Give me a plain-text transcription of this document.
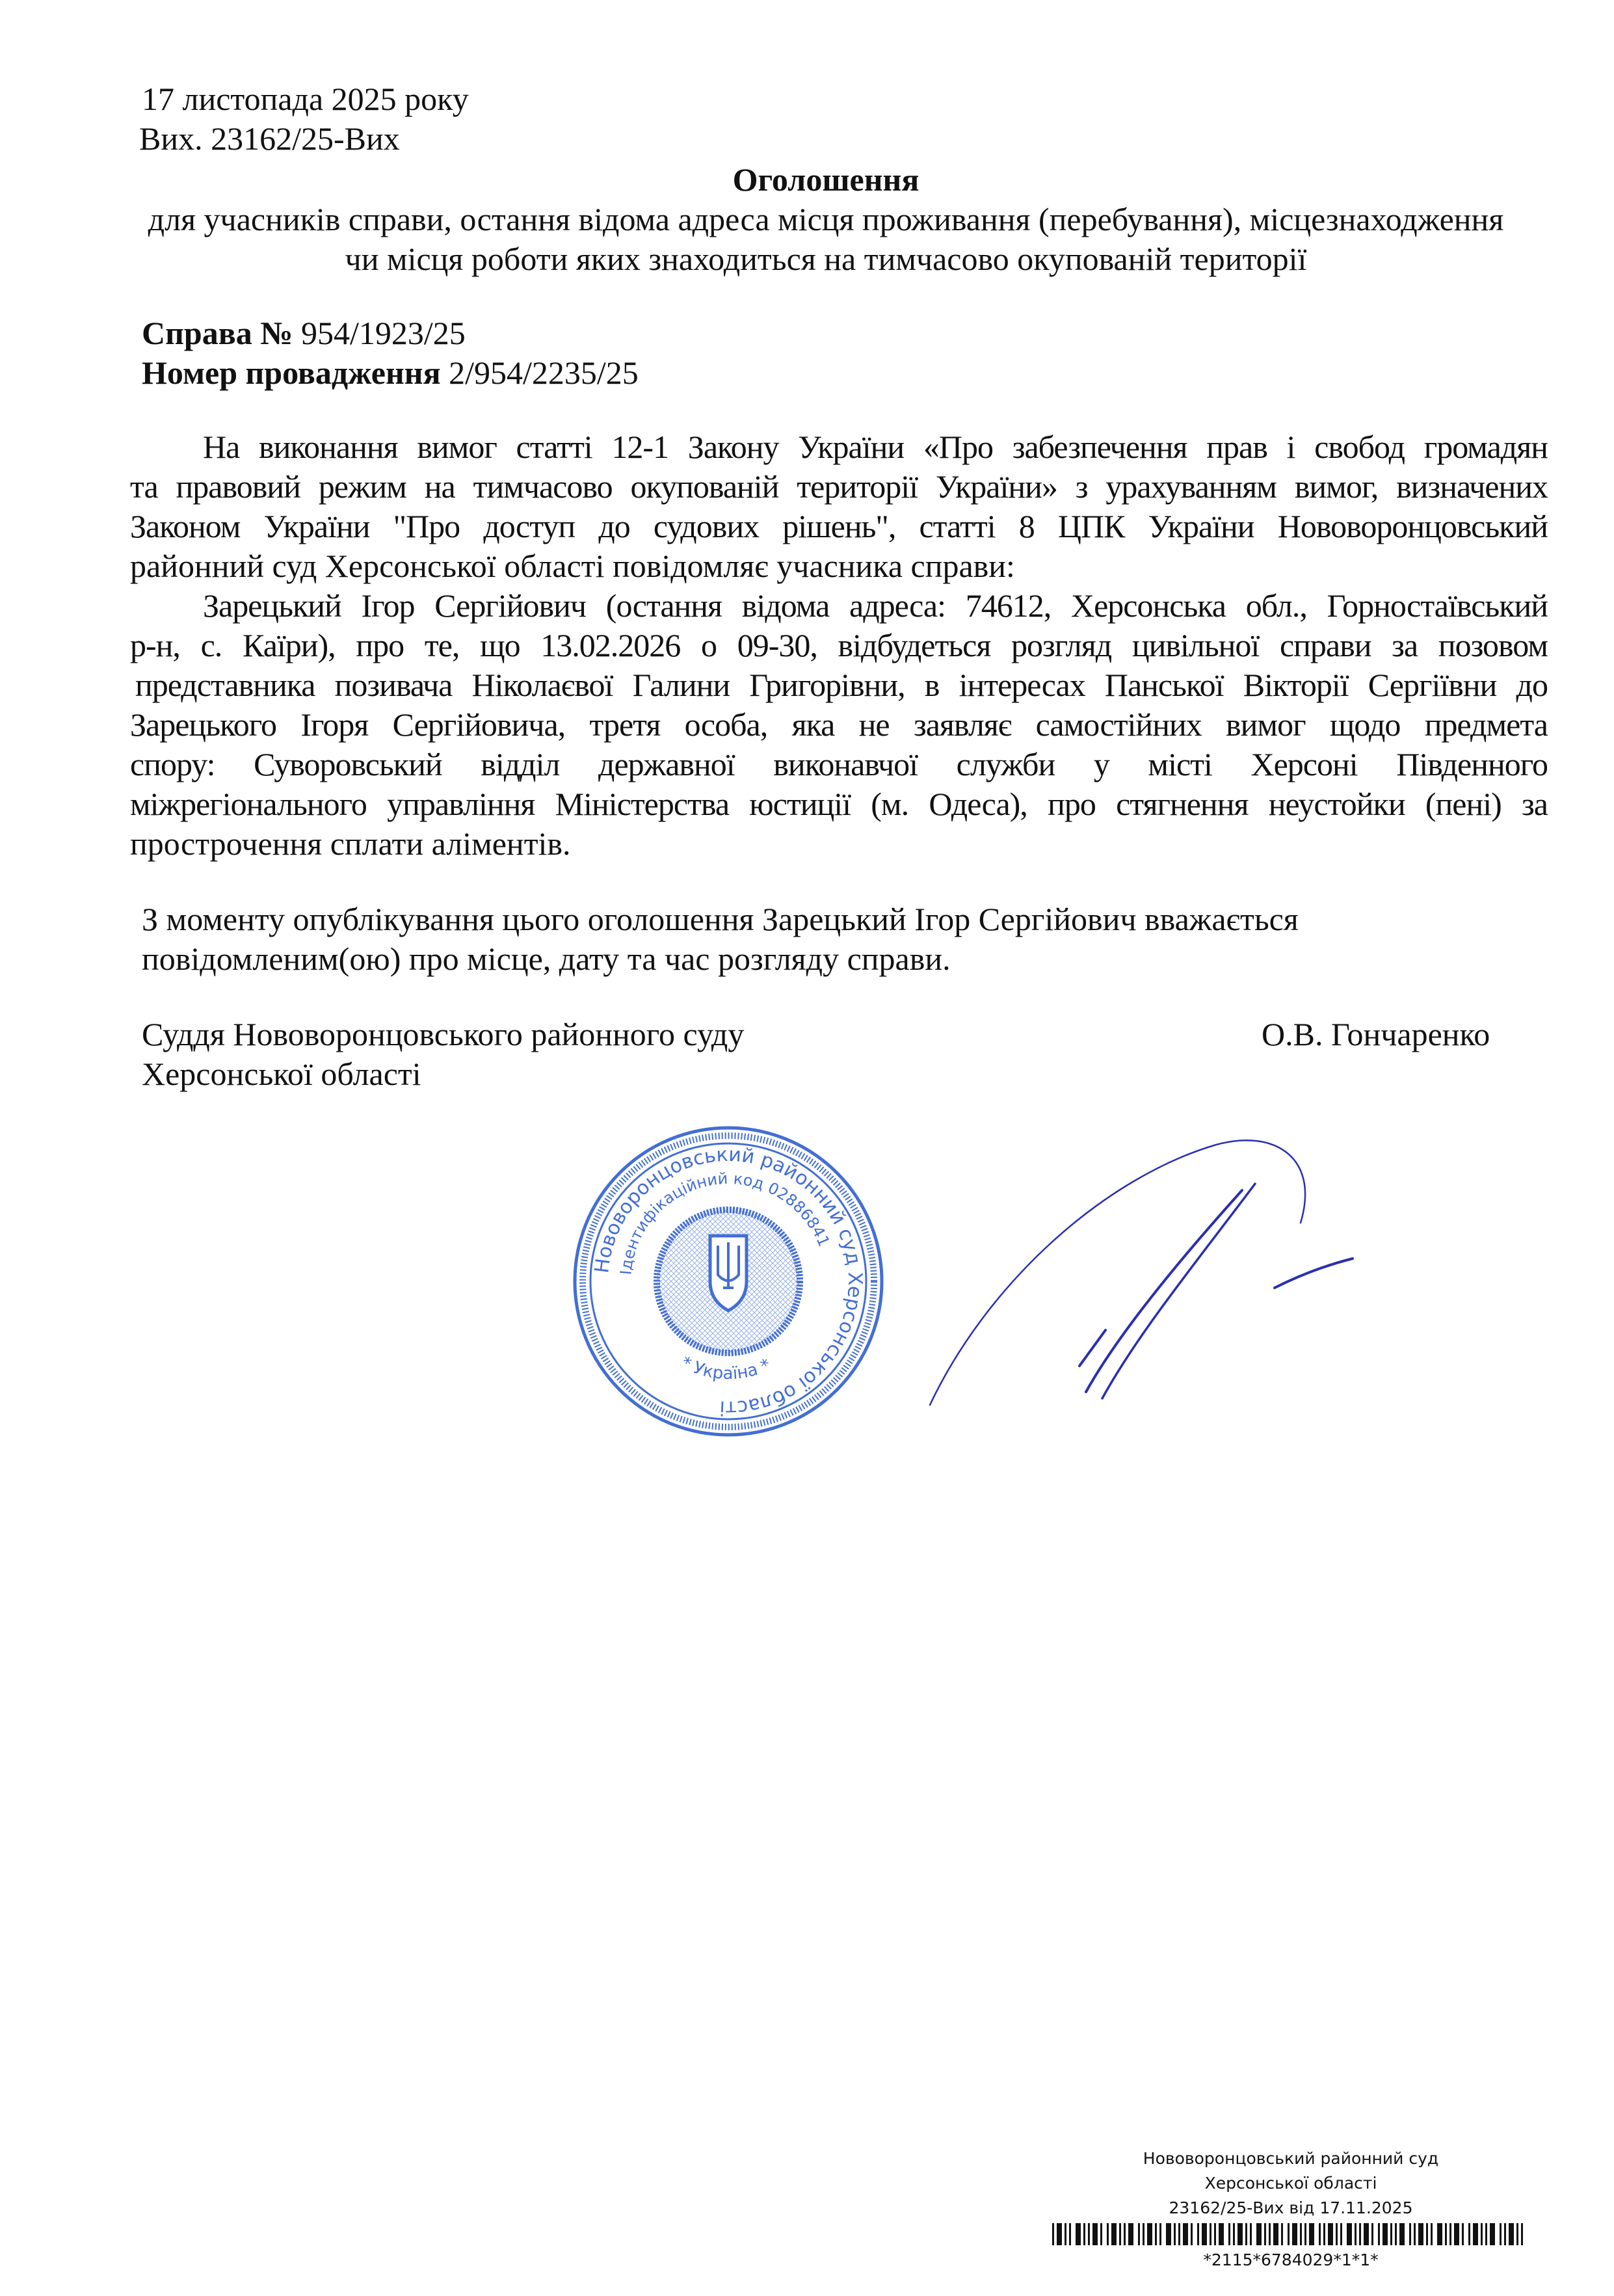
17 листопада 2025 року
Вих. 23162/25-Вих
Оголошення
для учасників справи, остання відома адреса місця проживання (перебування), місцезнаходження
чи місця роботи яких знаходиться на тимчасово окупованій території
Справа № 954/1923/25
Номер провадження 2/954/2235/25
На виконання вимог статті 12-1 Закону України «Про забезпечення прав і свобод громадян
та правовий режим на тимчасово окупованій території України» з урахуванням вимог, визначених
Законом України "Про доступ до судових рішень", статті 8 ЦПК України Нововоронцовський
районний суд Херсонської області повідомляє учасника справи:
Зарецький Ігор Сергійович (остання відома адреса: 74612, Херсонська обл., Горностаївський
р-н, с. Каїри), про те, що 13.02.2026 о 09-30, відбудеться розгляд цивільної справи за позовом
представника позивача Ніколаєвої Галини Григорівни, в інтересах Панської Вікторії Сергіївни до
Зарецького Ігоря Сергійовича, третя особа, яка не заявляє самостійних вимог щодо предмета
спору: Суворовський відділ державної виконавчої служби у місті Херсоні Південного
міжрегіонального управління Міністерства юстиції (м. Одеса), про стягнення неустойки (пені) за
прострочення сплати аліментів.
З моменту опублікування цього оголошення Зарецький Ігор Сергійович вважається
повідомленим(ою) про місце, дату та час розгляду справи.
Суддя Нововоронцовського районного суду
Херсонської області
О.В. Гончаренко
Нововоронцовський районний суд Херсонської області
Ідентифікаційний код 02886841
* Україна *
Нововоронцовський районний суд
Херсонської області
23162/25-Вих від 17.11.2025
*2115*6784029*1*1*
